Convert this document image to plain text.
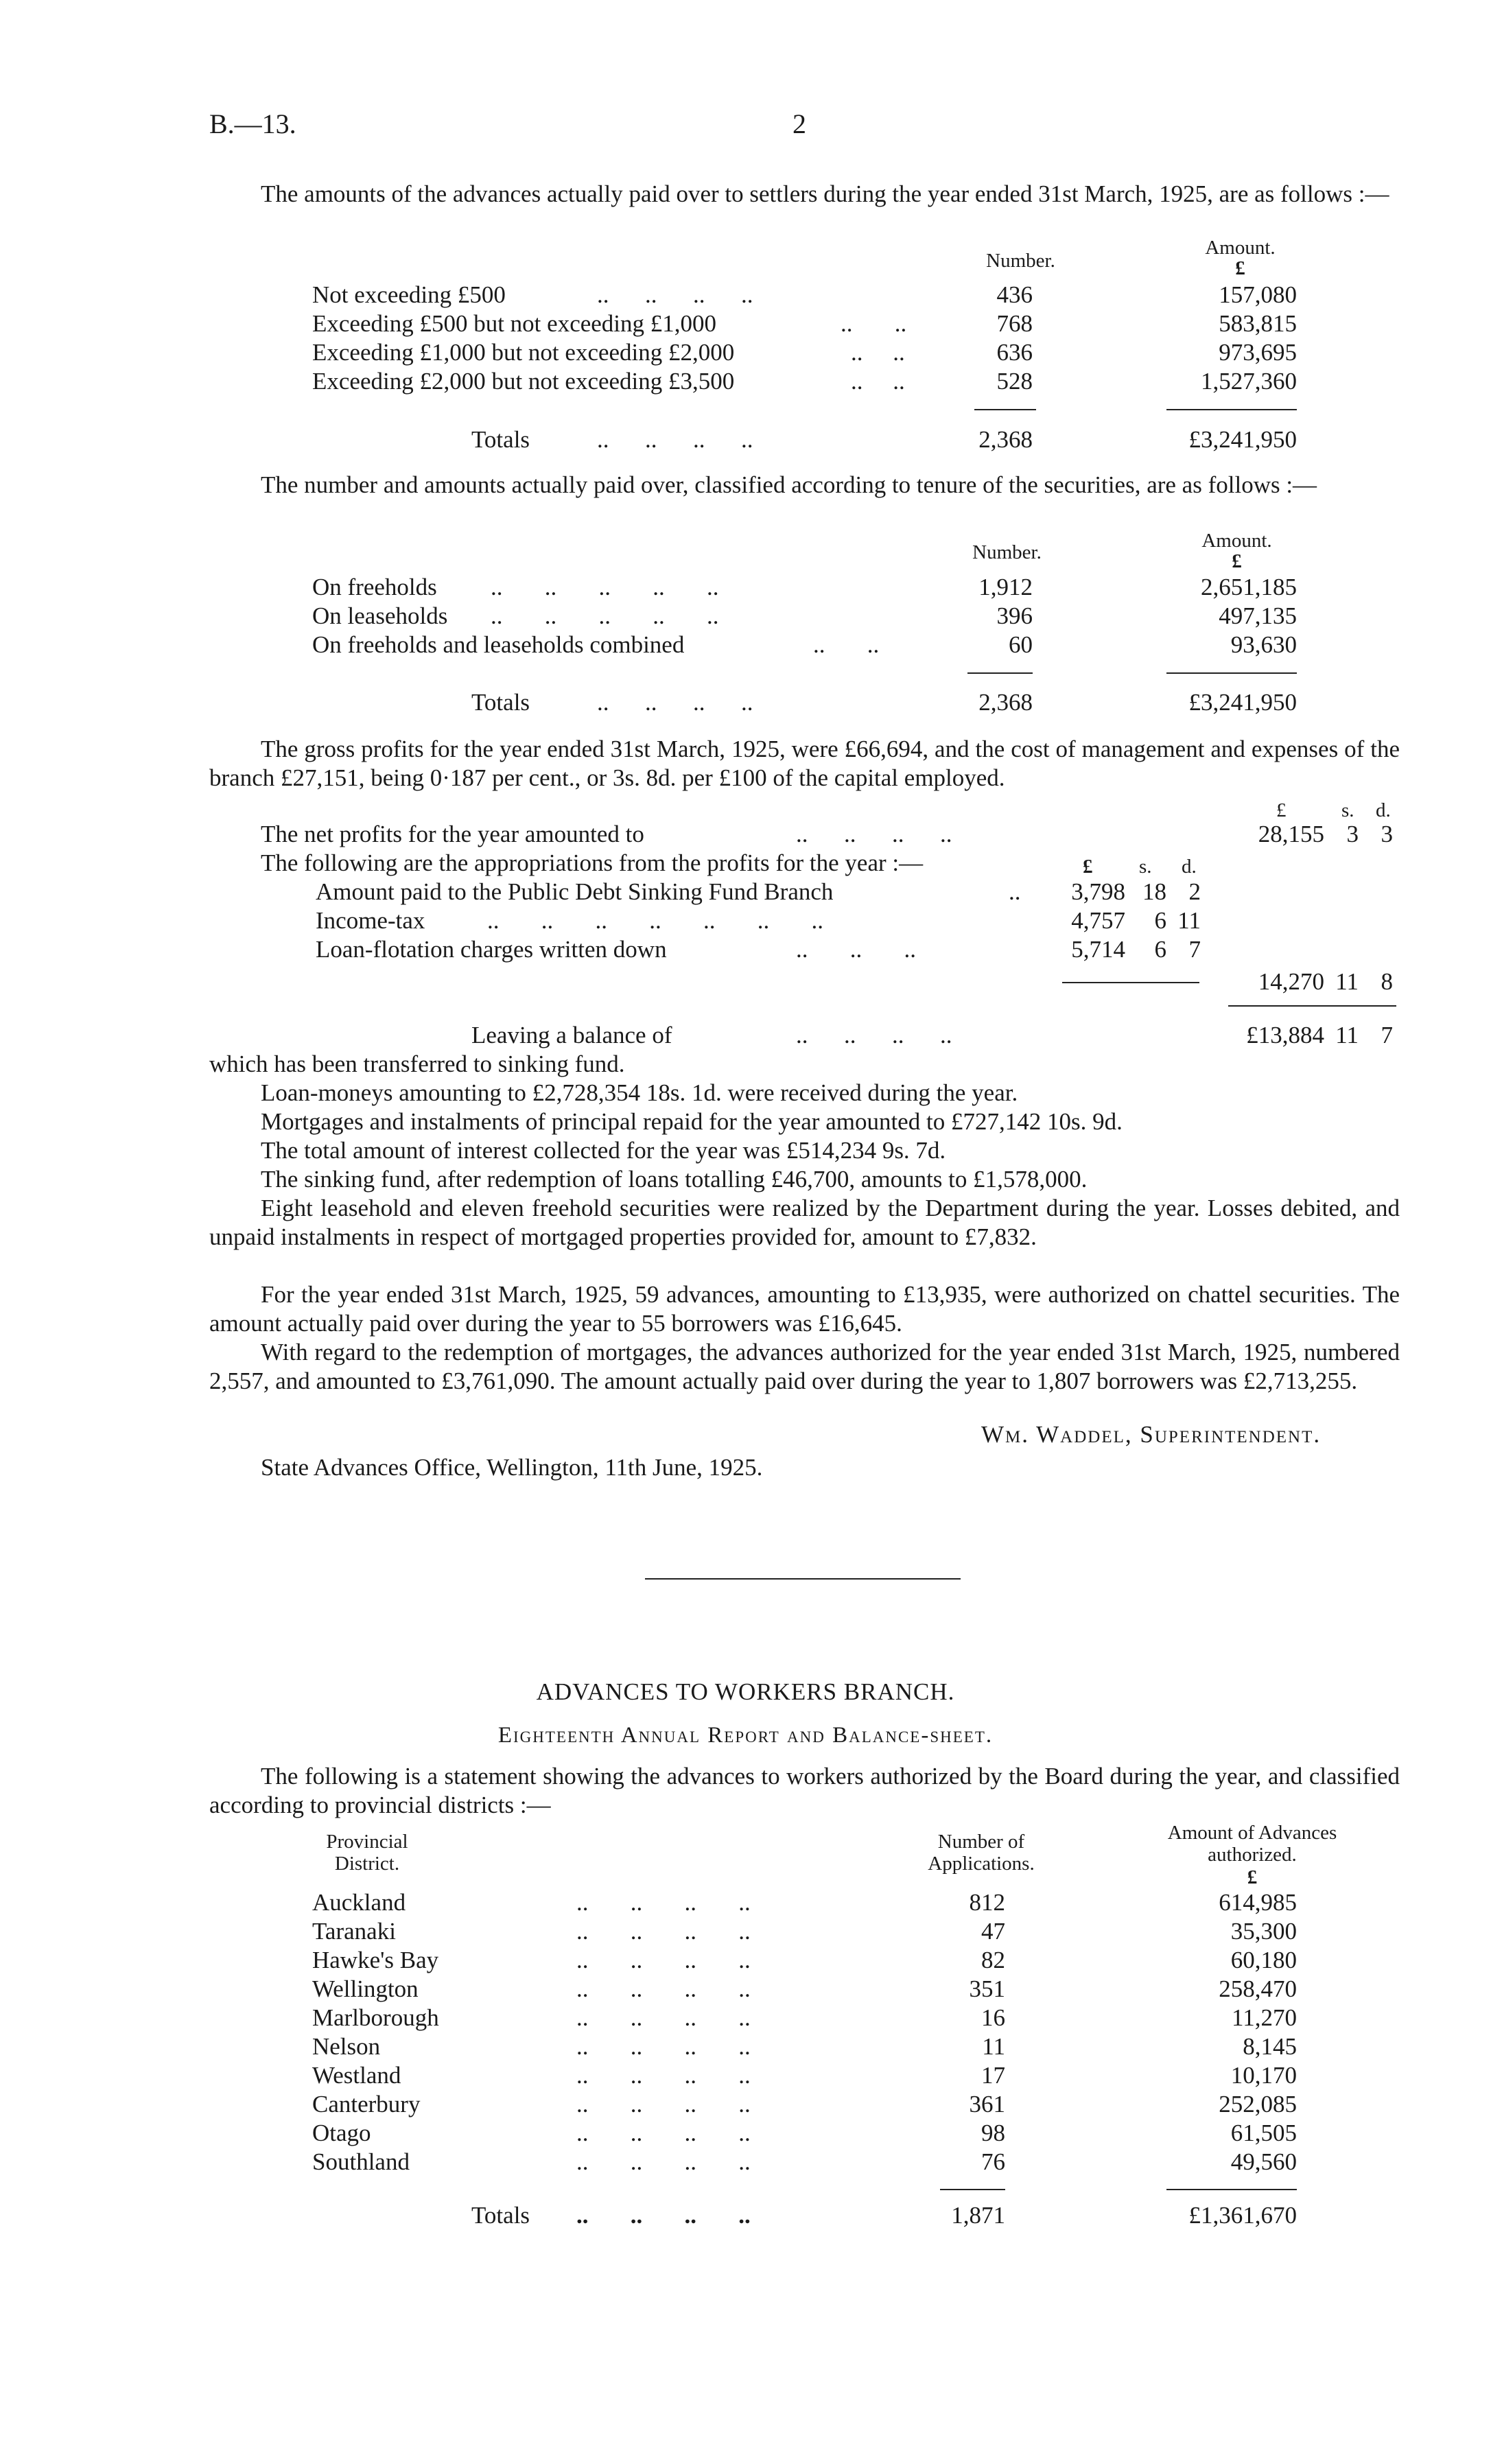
B.—13.	2
The amounts of the advances actually paid over to settlers during the year ended 31st March, 1925, are as follows :—
Number.
Amount.
£
Not exceeding £500	..      ..      ..      ..	436	157,080
Exceeding £500 but not exceeding £1,000	..       ..	768	583,815
Exceeding £1,000 but not exceeding £2,000	..     ..	636	973,695
Exceeding £2,000 but not exceeding £3,500	..     ..	528	1,527,360
Totals	..      ..      ..      ..	2,368	£3,241,950
The number and amounts actually paid over, classified according to tenure of the securities, are as follows :—
Number.
Amount.
£
On freeholds ..       ..       ..       ..       ..	1,912	2,651,185
On leaseholds ..       ..       ..       ..       ..	396	497,135
On freeholds and leaseholds combined	..       ..	60	93,630
Totals	..      ..      ..      ..	2,368	£3,241,950
The gross profits for the year ended 31st March, 1925, were £66,694, and the cost of management and expenses of the branch £27,151, being 0·187 per cent., or 3s. 8d. per £100 of the capital employed.
£	s. d.
The net profits for the year amounted to	..      ..      ..      ..	28,155 3 3
The following are the appropriations from the profits for the year :—	£ s. d.
Amount paid to the Public Debt Sinking Fund Branch	..	3,798 18 2
Income-tax	..       ..       ..       ..       ..       ..       ..	4,757	6 11
Loan-flotation charges written down	..       ..       ..	5,714	6 7
14,270 11 8
Leaving a balance of	..      ..      ..      ..	£13,884 11 7
which has been transferred to sinking fund.
Loan-moneys amounting to £2,728,354 18s. 1d. were received during the year.
Mortgages and instalments of principal repaid for the year amounted to £727,142 10s. 9d.
The total amount of interest collected for the year was £514,234 9s. 7d.
The sinking fund, after redemption of loans totalling £46,700, amounts to £1,578,000.
Eight leasehold and eleven freehold securities were realized by the Department during the year. Losses debited, and unpaid instalments in respect of mortgaged properties provided for, amount to £7,832.
For the year ended 31st March, 1925, 59 advances, amounting to £13,935, were authorized on chattel securities. The amount actually paid over during the year to 55 borrowers was £16,645.
With regard to the redemption of mortgages, the advances authorized for the year ended 31st March, 1925, numbered 2,557, and amounted to £3,761,090. The amount actually paid over during the year to 1,807 borrowers was £2,713,255.
Wm. Waddel, Superintendent.
State Advances Office, Wellington, 11th June, 1925.
ADVANCES TO WORKERS BRANCH.
Eighteenth Annual Report and Balance-sheet.
The following is a statement showing the advances to workers authorized by the Board during the year, and classified according to provincial districts :—
Provincial District.
Number of Applications.
Amount of Advances authorized.
£
Auckland	..       ..       ..       ..	812	614,985
Taranaki	..       ..       ..       ..	47	35,300
Hawke's Bay	..       ..       ..       ..	82	60,180
Wellington	..       ..       ..       ..	351	258,470
Marlborough	..       ..       ..       ..	16	11,270
Nelson	..       ..       ..       ..	11	8,145
Westland	..       ..       ..       ..	17	10,170
Canterbury	..       ..       ..       ..	361	252,085
Otago	..       ..       ..       ..	98	61,505
Southland	..       ..       ..       ..	76	49,560
Totals ..       ..       ..       ..	1,871	£1,361,670
